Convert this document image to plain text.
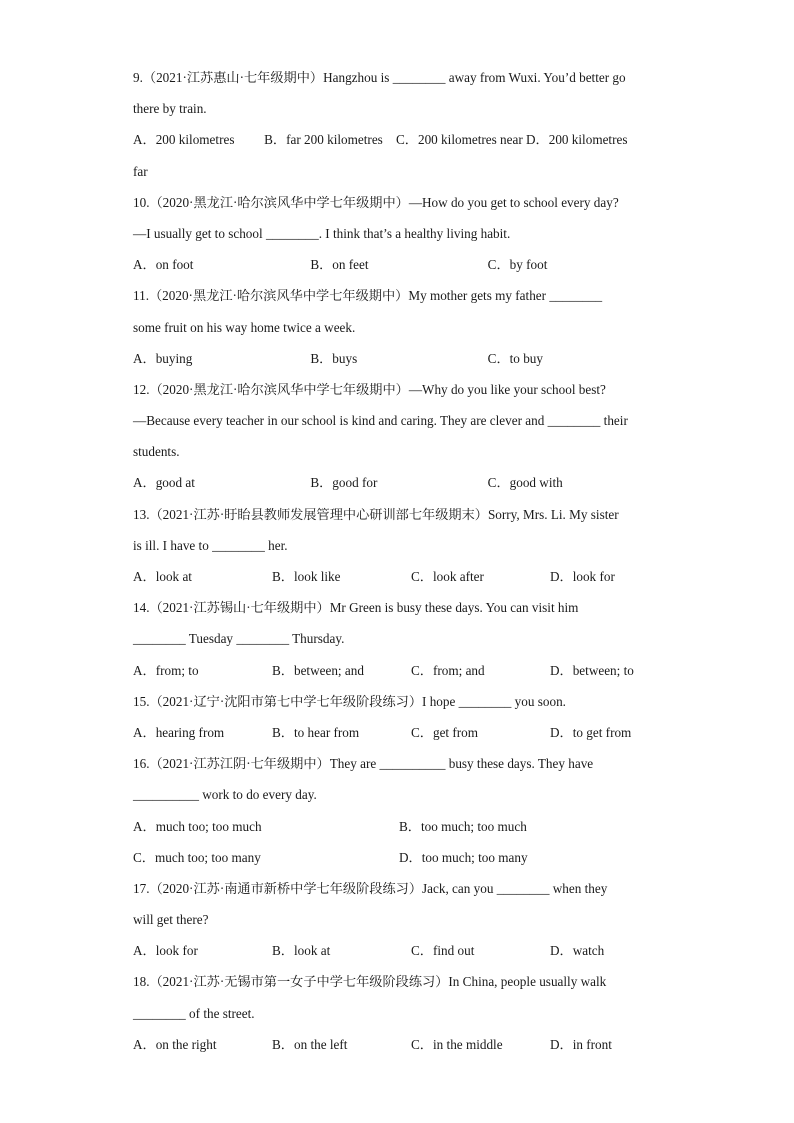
9.（2021·江苏惠山·七年级期中）Hangzhou is ________ away from Wuxi. You’d better go
there by train.
A．200 kilometres B．far 200 kilometres C．200 kilometres near D．200 kilometres
far
10.（2020·黑龙江·哈尔滨风华中学七年级期中）—How do you get to school every day?
—I usually get to school ________. I think that’s a healthy living habit.
A．on foot	B．on feet	C．by foot
11.（2020·黑龙江·哈尔滨风华中学七年级期中）My mother gets my father ________
some fruit on his way home twice a week.
A．buying	B．buys	C．to buy
12.（2020·黑龙江·哈尔滨风华中学七年级期中）—Why do you like your school best?
—Because every teacher in our school is kind and caring. They are clever and ________ their
students.
A．good at	B．good for	C．good with
13.（2021·江苏·盱眙县教师发展管理中心研训部七年级期末）Sorry, Mrs. Li. My sister
is ill. I have to ________ her.
A．look at	B．look like	C．look after	D．look for
14.（2021·江苏锡山·七年级期中）Mr Green is busy these days. You can visit him
________ Tuesday ________ Thursday.
A．from; to	B．between; and	C．from; and	D．between; to
15.（2021·辽宁·沈阳市第七中学七年级阶段练习）I hope ________ you soon.
A．hearing from	B．to hear from	C．get from	D．to get from
16.（2021·江苏江阴·七年级期中）They are __________ busy these days. They have
__________ work to do every day.
A．much too; too much	B．too much; too much
C．much too; too many	D．too much; too many
17.（2020·江苏·南通市新桥中学七年级阶段练习）Jack, can you ________ when they
will get there?
A．look for	B．look at	C．find out	D．watch
18.（2021·江苏·无锡市第一女子中学七年级阶段练习）In China, people usually walk
________ of the street.
A．on the right	B．on the left	C．in the middle	D．in front
